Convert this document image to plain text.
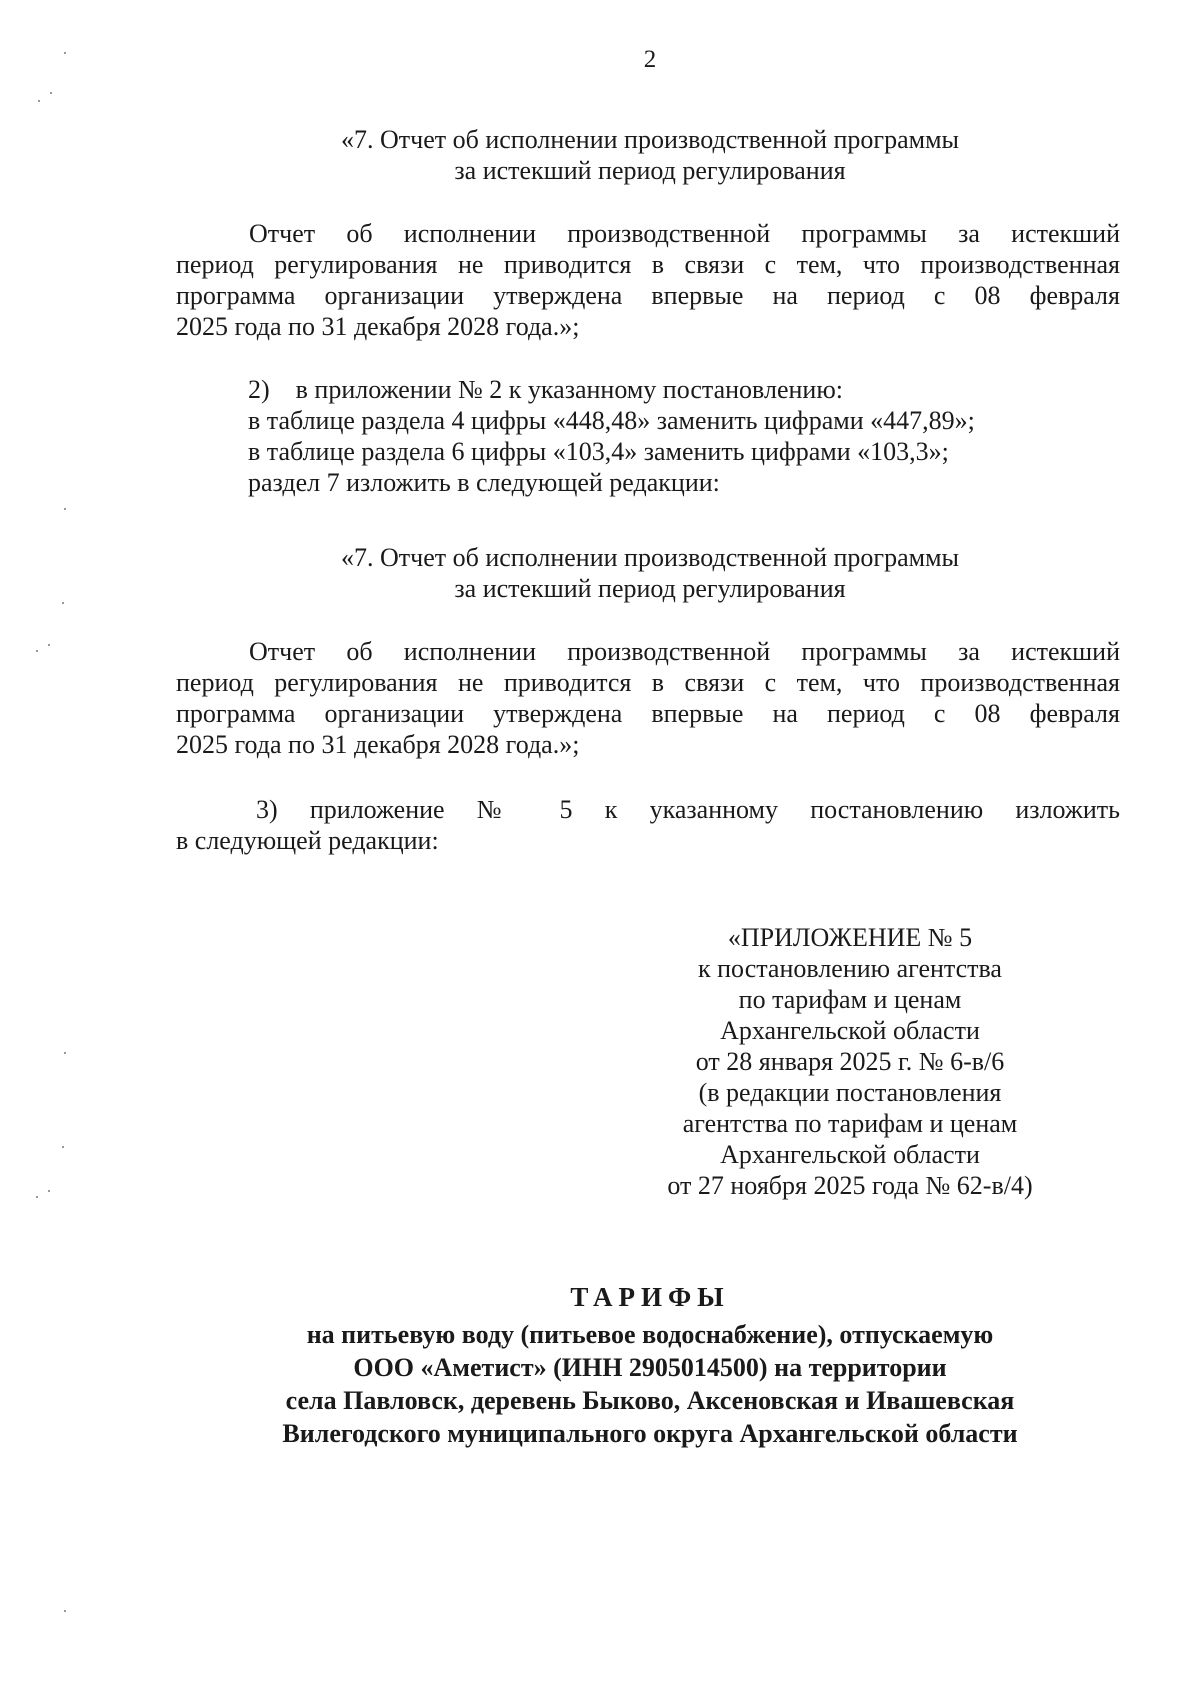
2
«7. Отчет об исполнении производственной программы
за истекший период регулирования
Отчет об исполнении производственной программы за истекший
период регулирования не приводится в связи с тем, что производственная
программа организации утверждена впервые на период с 08 февраля
2025 года по 31 декабря 2028 года.»;
2) в приложении № 2 к указанному постановлению:
в таблице раздела 4 цифры «448,48» заменить цифрами «447,89»;
в таблице раздела 6 цифры «103,4» заменить цифрами «103,3»;
раздел 7 изложить в следующей редакции:
«7. Отчет об исполнении производственной программы
за истекший период регулирования
Отчет об исполнении производственной программы за истекший
период регулирования не приводится в связи с тем, что производственная
программа организации утверждена впервые на период с 08 февраля
2025 года по 31 декабря 2028 года.»;
3) приложение № 5 к указанному постановлению изложить
в следующей редакции:
«ПРИЛОЖЕНИЕ № 5
к постановлению агентства
по тарифам и ценам
Архангельской области
от 28 января 2025 г. № 6-в/6
(в редакции постановления
агентства по тарифам и ценам
Архангельской области
от 27 ноября 2025 года № 62-в/4)
ТАРИФЫ
на питьевую воду (питьевое водоснабжение), отпускаемую
ООО «Аметист» (ИНН 2905014500) на территории
села Павловск, деревень Быково, Аксеновская и Ивашевская
Вилегодского муниципального округа Архангельской области
